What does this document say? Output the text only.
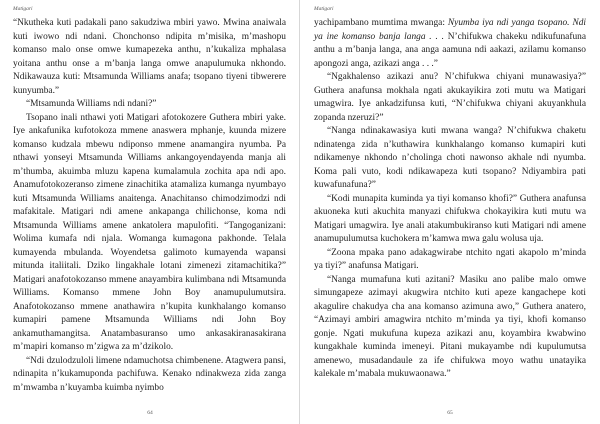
Matigari

“Nkutheka kuti padakali pano sakudziwa mbiri yawo. Mwina anaiwala kuti iwowo ndi ndani. Chonchonso ndipita m’misika, m’mashopu komanso malo onse omwe kumapezeka anthu, n’kukaliza mphalasa yoitana anthu onse a m’banja langa omwe anapulumuka nkhondo. Ndikawauza kuti: Mtsamunda Williams anafa; tsopano tiyeni tibwerere kunyumba.”

“Mtsamunda Williams ndi ndani?”

Tsopano inali nthawi yoti Matigari afotokozere Guthera mbiri yake. Iye ankafunika kufotokoza mmene anaswera mphanje, kuunda mizere komanso kudzala mbewu ndiponso mmene anamangira nyumba. Pa nthawi yonseyi Mtsamunda Williams ankangoyendayenda manja ali m’thumba, akuimba mluzu kapena kumalamula zochita apa ndi apo. Anamufotokozeranso zimene zinachitika atamaliza kumanga nyumbayo kuti Mtsamunda Williams anaitenga. Anachitanso chimodzimodzi ndi mafakitale. Matigari ndi amene ankapanga chilichonse, koma ndi Mtsamunda Williams amene ankatolera mapulofiti. “Tangoganizani: Wolima kumafa ndi njala. Womanga kumagona pakhonde. Telala kumayenda mbulanda. Woyendetsa galimoto kumayenda wapansi mitunda italiitali. Dziko lingakhale lotani zimenezi zitamachitika?” Matigari anafotokozanso mmene anayambira kulimbana ndi Mtsamunda Williams. Komanso mmene John Boy anamupulumutsira. Anafotokozanso mmene anathawira n’kupita kunkhalango komanso kumapiri pamene Mtsamunda Williams ndi John Boy ankamuthamangitsa. Anatambasuranso umo ankasakiranasakirana m’mapiri komanso m’zigwa za m’dzikolo.

“Ndi dzulodzuloli limene ndamuchotsa chimbenene. Atagwera pansi, ndinapita n’kukamuponda pachifuwa. Kenako ndinakweza zida zanga m’mwamba n’kuyamba kuimba nyimbo

64
Matigari

yachipambano mumtima mwanga: Nyumba iya ndi yanga tsopano. Ndi ya ine komanso banja langa . . . N’chifukwa chakeku ndikufunafuna anthu a m’banja langa, ana anga aamuna ndi aakazi, azilamu komanso apongozi anga, azikazi anga . . .”

“Ngakhalenso azikazi anu? N’chifukwa chiyani munawasiya?” Guthera anafunsa mokhala ngati akukayikira zoti mutu wa Matigari umagwira. Iye ankadzifunsa kuti, “N’chifukwa chiyani akuyankhula zopanda nzeruzi?”

“Nanga ndinakawasiya kuti mwana wanga? N’chifukwa chaketu ndinatenga zida n’kuthawira kunkhalango komanso kumapiri kuti ndikamenye nkhondo n’cholinga choti nawonso akhale ndi nyumba. Koma pali vuto, kodi ndikawapeza kuti tsopano? Ndiyambira pati kuwafunafuna?”

“Kodi munapita kuminda ya tiyi komanso khofi?” Guthera anafunsa akuoneka kuti akuchita manyazi chifukwa chokayikira kuti mutu wa Matigari umagwira. Iye anali atakumbukiranso kuti Matigari ndi amene anamupulumutsa kuchokera m’kamwa mwa galu wolusa uja.

“Zoona mpaka pano adakagwirabe ntchito ngati akapolo m’minda ya tiyi?” anafunsa Matigari.

“Nanga mumafuna kuti azitani? Masiku ano palibe malo omwe simungapeze azimayi akugwira ntchito kuti apeze kangachepe koti akagulire chakudya cha ana komanso azimuna awo,” Guthera anatero, “Azimayi ambiri amagwira ntchito m’minda ya tiyi, khofi komanso gonje. Ngati mukufuna kupeza azikazi anu, koyambira kwabwino kungakhale kuminda imeneyi. Pitani mukayambe ndi kupulumutsa amenewo, musadandaule za ife chifukwa moyo wathu unatayika kalekale m’mabala mukuwaonawa.”

65
